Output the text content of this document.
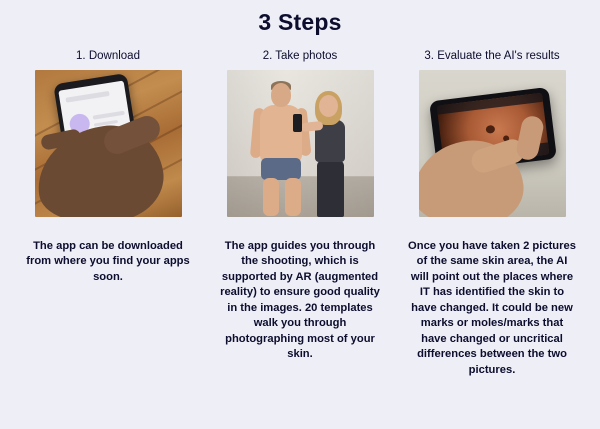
3 Steps
1. Download
The app can be downloaded from where you find your apps soon.
2. Take photos
The app guides you through the shooting, which is supported by AR (augmented reality) to ensure good quality in the images. 20 templates walk you through photographing most of your skin.
3. Evaluate the AI's results
Once you have taken 2 pictures of the same skin area, the AI will point out the places where IT has identified the skin to have changed. It could be new marks or moles/marks that have changed or uncritical differences between the two pictures.
